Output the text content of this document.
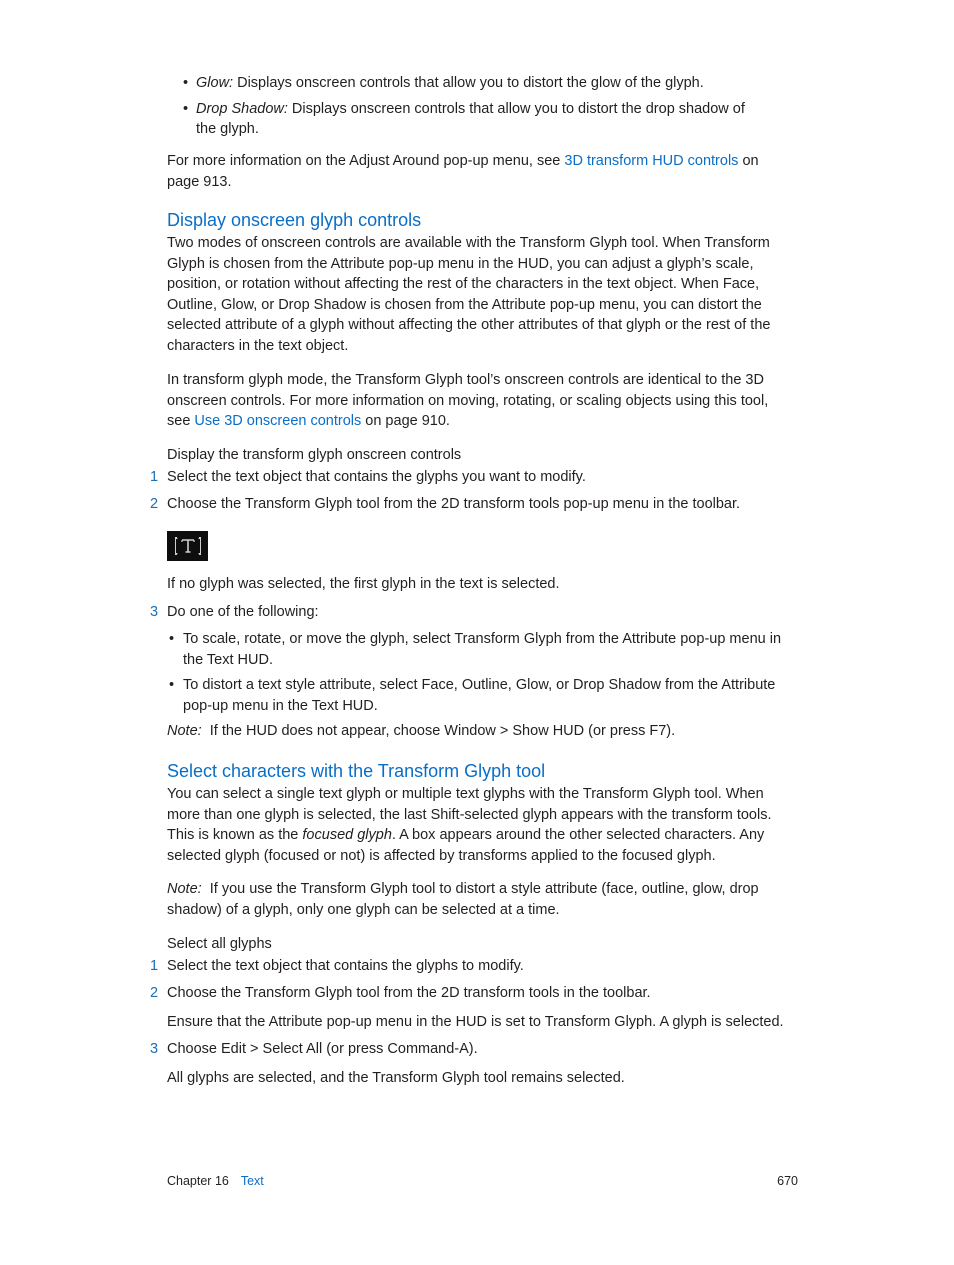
• Glow: Displays onscreen controls that allow you to distort the glow of the glyph.
• Drop Shadow: Displays onscreen controls that allow you to distort the drop shadow of
the glyph.
For more information on the Adjust Around pop-up menu, see 3D transform HUD controls on
page 913.
Display onscreen glyph controls
Two modes of onscreen controls are available with the Transform Glyph tool. When Transform
Glyph is chosen from the Attribute pop-up menu in the HUD, you can adjust a glyph’s scale,
position, or rotation without affecting the rest of the characters in the text object. When Face,
Outline, Glow, or Drop Shadow is chosen from the Attribute pop-up menu, you can distort the
selected attribute of a glyph without affecting the other attributes of that glyph or the rest of the
characters in the text object.
In transform glyph mode, the Transform Glyph tool’s onscreen controls are identical to the 3D
onscreen controls. For more information on moving, rotating, or scaling objects using this tool,
see Use 3D onscreen controls on page 910.
Display the transform glyph onscreen controls
1 Select the text object that contains the glyphs you want to modify.
2 Choose the Transform Glyph tool from the 2D transform tools pop-up menu in the toolbar.
If no glyph was selected, the first glyph in the text is selected.
3 Do one of the following:
• To scale, rotate, or move the glyph, select Transform Glyph from the Attribute pop-up menu in
the Text HUD.
• To distort a text style attribute, select Face, Outline, Glow, or Drop Shadow from the Attribute
pop-up menu in the Text HUD.
Note:  If the HUD does not appear, choose Window > Show HUD (or press F7).
Select characters with the Transform Glyph tool
You can select a single text glyph or multiple text glyphs with the Transform Glyph tool. When
more than one glyph is selected, the last Shift-selected glyph appears with the transform tools.
This is known as the focused glyph. A box appears around the other selected characters. Any
selected glyph (focused or not) is affected by transforms applied to the focused glyph.
Note:  If you use the Transform Glyph tool to distort a style attribute (face, outline, glow, drop
shadow) of a glyph, only one glyph can be selected at a time.
Select all glyphs
1 Select the text object that contains the glyphs to modify.
2 Choose the Transform Glyph tool from the 2D transform tools in the toolbar.
Ensure that the Attribute pop-up menu in the HUD is set to Transform Glyph. A glyph is selected.
3 Choose Edit > Select All (or press Command-A).
All glyphs are selected, and the Transform Glyph tool remains selected.
Chapter 16 Text	670
